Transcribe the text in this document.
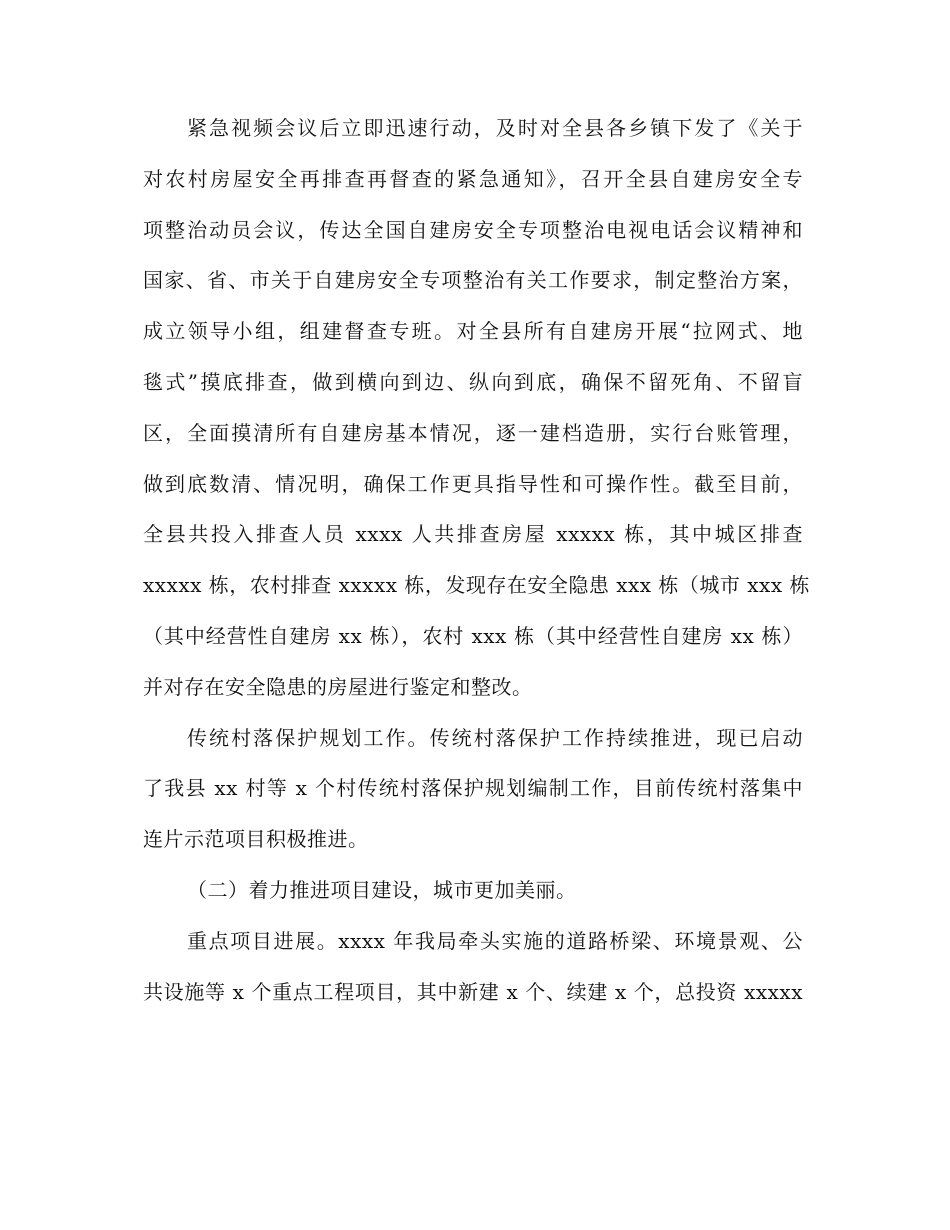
紧急视频会议后立即迅速行动，及时对全县各乡镇下发了《关于
对农村房屋安全再排查再督查的紧急通知》，召开全县自建房安全专
项整治动员会议，传达全国自建房安全专项整治电视电话会议精神和
国家、省、市关于自建房安全专项整治有关工作要求，制定整治方案，
成立领导小组，组建督查专班。对全县所有自建房开展“拉网式、地
毯式”摸底排查，做到横向到边、纵向到底，确保不留死角、不留盲
区，全面摸清所有自建房基本情况，逐一建档造册，实行台账管理，
做到底数清、情况明，确保工作更具指导性和可操作性。截至目前，
全县共投入排查人员 xxxx 人共排查房屋 xxxxx 栋，其中城区排查
xxxxx 栋，农村排查 xxxxx 栋，发现存在安全隐患 xxx 栋（城市 xxx 栋
（其中经营性自建房 xx 栋），农村 xxx 栋（其中经营性自建房 xx 栋）
并对存在安全隐患的房屋进行鉴定和整改。
传统村落保护规划工作。传统村落保护工作持续推进，现已启动
了我县 xx 村等 x 个村传统村落保护规划编制工作，目前传统村落集中
连片示范项目积极推进。
（二）着力推进项目建设，城市更加美丽。
重点项目进展。xxxx 年我局牵头实施的道路桥梁、环境景观、公
共设施等 x 个重点工程项目，其中新建 x 个、续建 x 个，总投资 xxxxx
